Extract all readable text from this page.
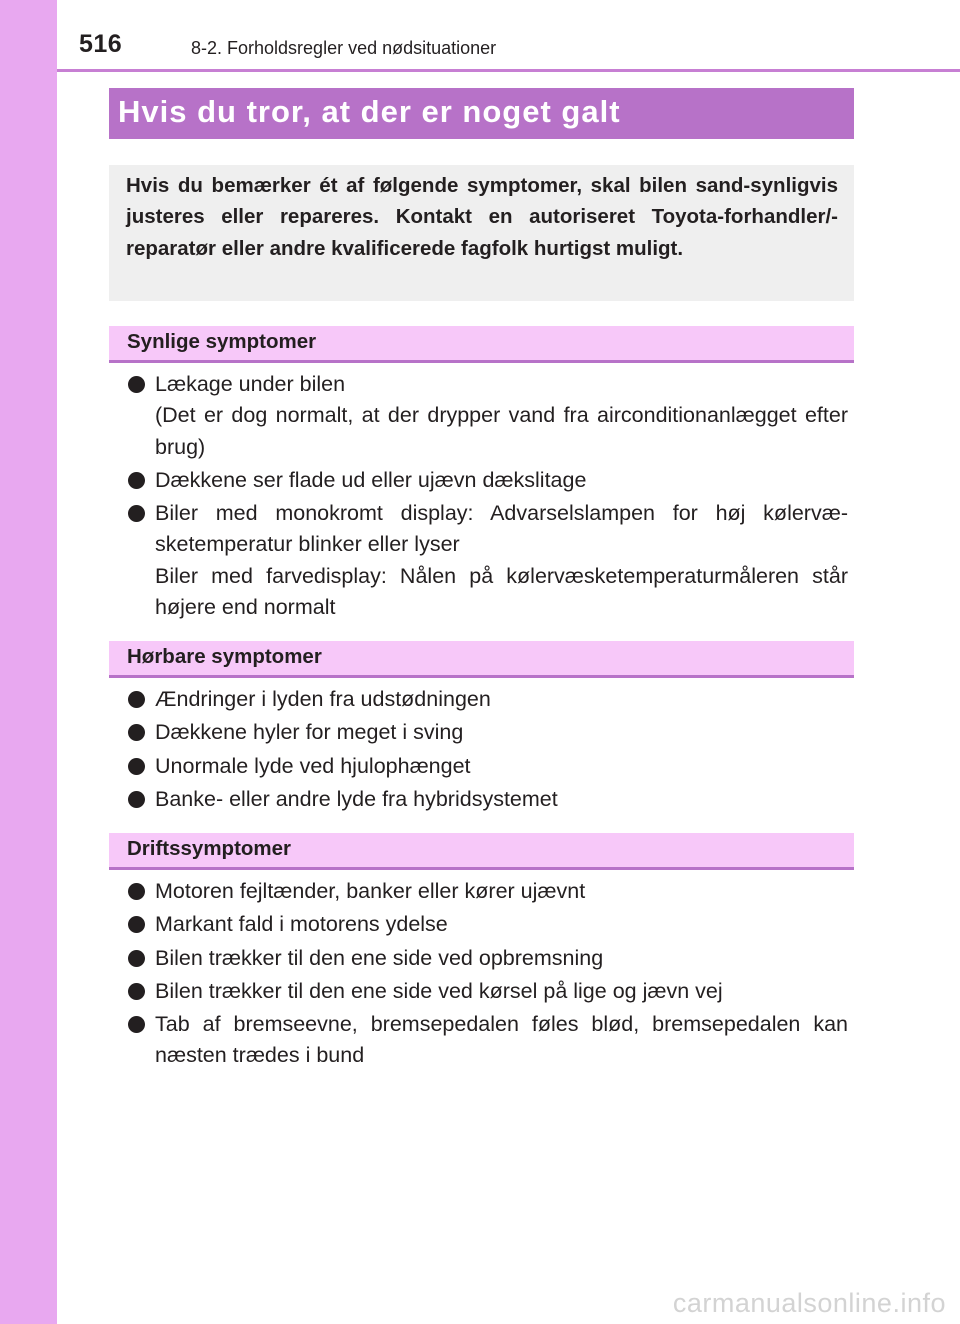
516	8-2. Forholdsregler ved nødsituationer
Hvis du tror, at der er noget galt
Hvis du bemærker ét af følgende symptomer, skal bilen sand-synligvis justeres eller repareres. Kontakt en autoriseret Toyota-forhandler/-reparatør eller andre kvalificerede fagfolk hurtigst muligt.
Synlige symptomer
Lækage under bilen
(Det er dog normalt, at der drypper vand fra airconditionanlægget efter brug)
Dækkene ser flade ud eller ujævn dækslitage
Biler med monokromt display: Advarselslampen for høj kølervæ-sketemperatur blinker eller lyser
Biler med farvedisplay: Nålen på kølervæsketemperaturmåleren står højere end normalt
Hørbare symptomer
Ændringer i lyden fra udstødningen
Dækkene hyler for meget i sving
Unormale lyde ved hjulophænget
Banke- eller andre lyde fra hybridsystemet
Driftssymptomer
Motoren fejltænder, banker eller kører ujævnt
Markant fald i motorens ydelse
Bilen trækker til den ene side ved opbremsning
Bilen trækker til den ene side ved kørsel på lige og jævn vej
Tab af bremseevne, bremsepedalen føles blød, bremsepedalen kan næsten trædes i bund
carmanualsonline.info
